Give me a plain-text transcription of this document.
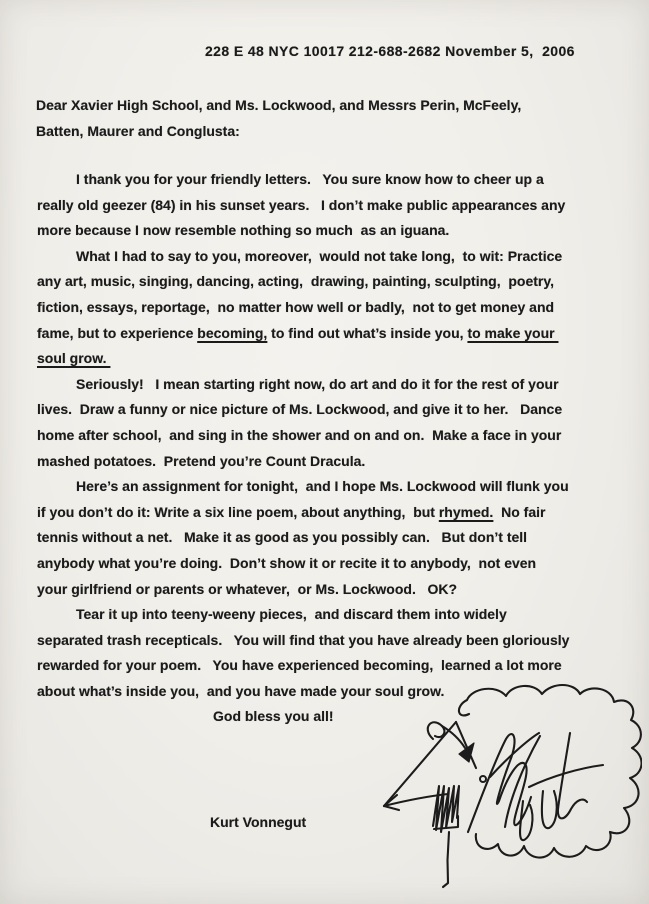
228 E 48 NYC 10017 212-688-2682 November 5,  2006
Dear Xavier High School, and Ms. Lockwood, and Messrs Perin, McFeely,
Batten, Maurer and Conglusta:
I thank you for your friendly letters.   You sure know how to cheer up a
really old geezer (84) in his sunset years.   I don’t make public appearances any
more because I now resemble nothing so much  as an iguana.
What I had to say to you, moreover,  would not take long,  to wit: Practice
any art, music, singing, dancing, acting,  drawing, painting, sculpting,  poetry,
fiction, essays, reportage,  no matter how well or badly,  not to get money and
fame, but to experience becoming, to find out what’s inside you, to make your
soul grow.
Seriously!   I mean starting right now, do art and do it for the rest of your
lives.  Draw a funny or nice picture of Ms. Lockwood, and give it to her.   Dance
home after school,  and sing in the shower and on and on.  Make a face in your
mashed potatoes.  Pretend you’re Count Dracula.
Here’s an assignment for tonight,  and I hope Ms. Lockwood will flunk you
if you don’t do it: Write a six line poem, about anything,  but rhymed.  No fair
tennis without a net.   Make it as good as you possibly can.   But don’t tell
anybody what you’re doing.  Don’t show it or recite it to anybody,  not even
your girlfriend or parents or whatever,  or Ms. Lockwood.   OK?
Tear it up into teeny-weeny pieces,  and discard them into widely
separated trash recepticals.   You will find that you have already been gloriously
rewarded for your poem.   You have experienced becoming,  learned a lot more
about what’s inside you,  and you have made your soul grow.
God bless you all!
Kurt Vonnegut
